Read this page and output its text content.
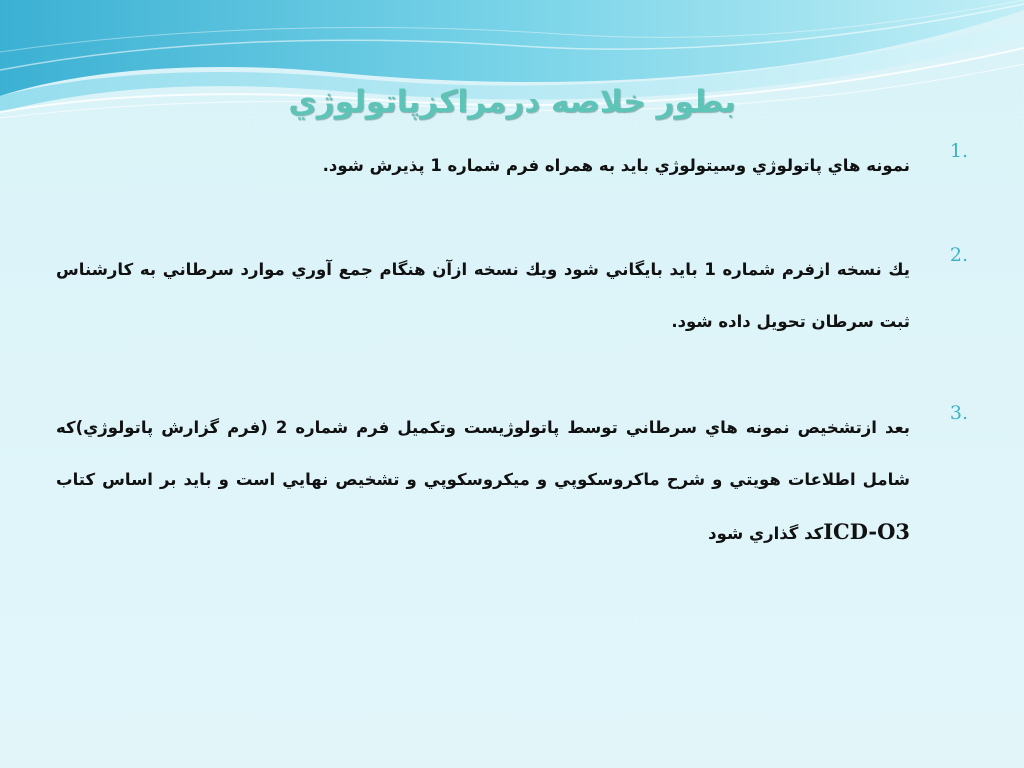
بطور خلاصه درمراكزپاتولوژي
1.
نمونه هاي پاتولوژي وسيتولوژي بايد به همراه فرم شماره 1 پذيرش شود.
2.
يك نسخه ازفرم شماره 1 بايد بايگاني شود ويك نسخه ازآن هنگام جمع آوري موارد سرطاني به كارشناس ثبت سرطان تحويل داده شود.
3.
بعد ازتشخيص نمونه هاي سرطاني توسط پاتولوژيست وتكميل فرم شماره 2 (فرم گزارش پاتولوژي)كه شامل اطلاعات هويتي و شرح ماكروسكوپي و ميكروسكوپي و تشخيص نهايي است و بايد بر اساس كتاب ICD-O3كد گذاري شود
